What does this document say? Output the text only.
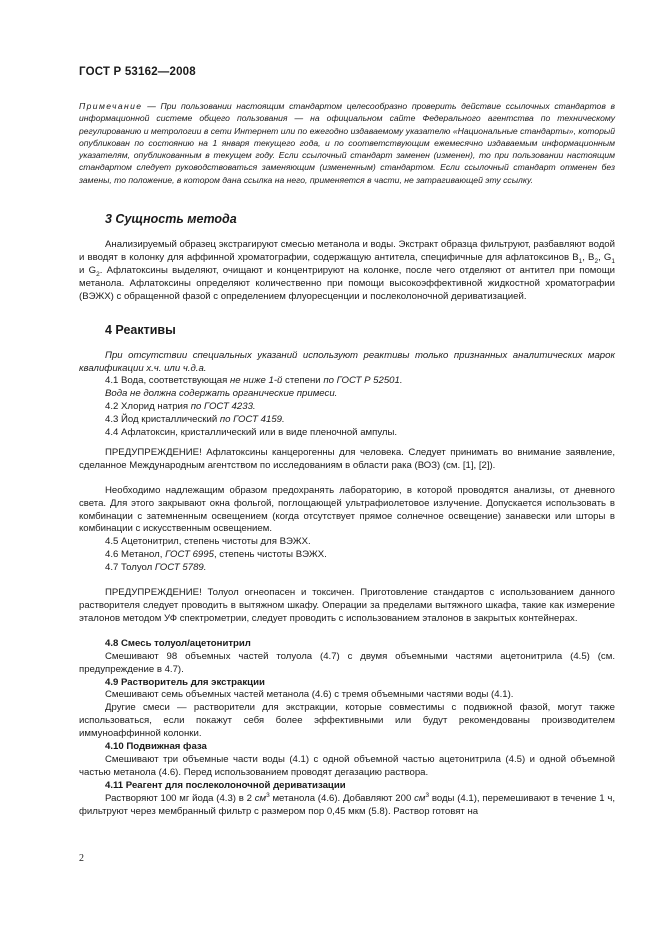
ГОСТ Р 53162—2008
Примечание — При пользовании настоящим стандартом целесообразно проверить действие ссылочных стандартов в информационной системе общего пользования — на официальном сайте Федерального агентства по техническому регулированию и метрологии в сети Интернет или по ежегодно издаваемому указателю «Национальные стандарты», который опубликован по состоянию на 1 января текущего года, и по соответствующим ежемесячно издаваемым информационным указателям, опубликованным в текущем году. Если ссылочный стандарт заменен (изменен), то при пользовании настоящим стандартом следует руководствоваться заменяющим (измененным) стандартом. Если ссылочный стандарт отменен без замены, то положение, в котором дана ссылка на него, применяется в части, не затрагивающей эту ссылку.
3 Сущность метода

Анализируемый образец экстрагируют смесью метанола и воды. Экстракт образца фильтруют, разбавляют водой и вводят в колонку для аффинной хроматографии, содержащую антитела, специфичные для афлатоксинов $B_1$, $B_2$, $G_1$ и $G_2$. Афлатоксины выделяют, очищают и концентрируют на колонке, после чего отделяют от антител при помощи метанола. Афлатоксины определяют количественно при помощи высокоэффективной жидкостной хроматографии (ВЭЖХ) с обращенной фазой с определением флуоресценции и послеколоночной дериватизацией.

4 Реактивы

При отсутствии специальных указаний используют реактивы только признанных аналитических марок квалификации х.ч. или ч.д.а.

4.1 Вода, соответствующая не ниже 1-й степени по ГОСТ Р 52501.

Вода не должна содержать органические примеси.

4.2 Хлорид натрия по ГОСТ 4233.

4.3 Йод кристаллический по ГОСТ 4159.

4.4 Афлатоксин, кристаллический или в виде пленочной ампулы.

ПРЕДУПРЕЖДЕНИЕ! Афлатоксины канцерогенны для человека. Следует принимать во внимание заявление, сделанное Международным агентством по исследованиям в области рака (ВОЗ) (см. [1], [2]).

Необходимо надлежащим образом предохранять лабораторию, в которой проводятся анализы, от дневного света. Для этого закрывают окна фольгой, поглощающей ультрафиолетовое излучение. Допускается использовать в комбинации с затемненным освещением (когда отсутствует прямое солнечное освещение) занавески или шторы в комбинации с искусственным освещением.

4.5 Ацетонитрил, степень чистоты для ВЭЖХ.

4.6 Метанол, ГОСТ 6995, степень чистоты ВЭЖХ.

4.7 Толуол ГОСТ 5789.

ПРЕДУПРЕЖДЕНИЕ! Толуол огнеопасен и токсичен. Приготовление стандартов с использованием данного растворителя следует проводить в вытяжном шкафу. Операции за пределами вытяжного шкафа, такие как измерение эталонов методом УФ спектрометрии, следует проводить с использованием эталонов в закрытых контейнерах.

4.8 Смесь толуол/ацетонитрил

Смешивают 98 объемных частей толуола (4.7) с двумя объемными частями ацетонитрила (4.5) (см. предупреждение в 4.7).

4.9 Растворитель для экстракции

Смешивают семь объемных частей метанола (4.6) с тремя объемными частями воды (4.1).

Другие смеси — растворители для экстракции, которые совместимы с подвижной фазой, могут также использоваться, если покажут себя более эффективными или будут рекомендованы производителем иммуноаффинной колонки.

4.10 Подвижная фаза

Смешивают три объемные части воды (4.1) с одной объемной частью ацетонитрила (4.5) и одной объемной частью метанола (4.6). Перед использованием проводят дегазацию раствора.

4.11 Реагент для послеколоночной дериватизации

Растворяют 100 мг йода (4.3) в 2 $см^3$ метанола (4.6). Добавляют 200 $см^3$ воды (4.1), перемешивают в течение 1 ч, фильтруют через мембранный фильтр с размером пор 0,45 мкм (5.8). Раствор готовят на

2
